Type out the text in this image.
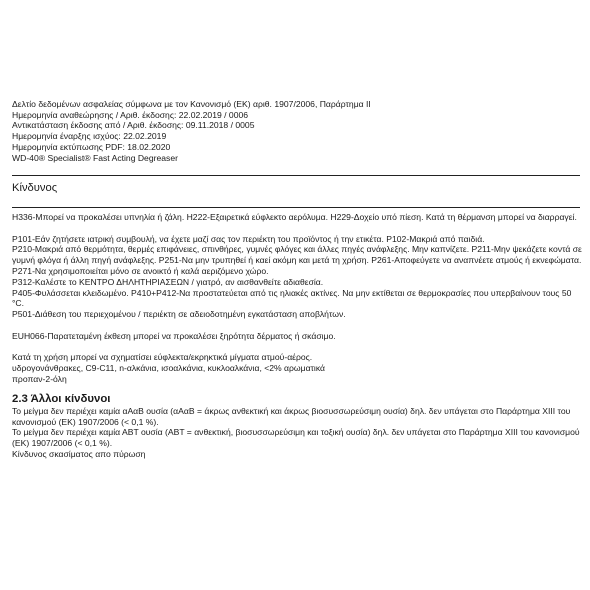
Δελτίο δεδομένων ασφαλείας σύμφωνα με τον Κανονισμό (ΕΚ) αριθ. 1907/2006, Παράρτημα ΙΙ
Ημερομηνία αναθεώρησης / Αριθ. έκδοσης: 22.02.2019 / 0006
Αντικατάσταση έκδοσης από / Αριθ. έκδοσης: 09.11.2018 / 0005
Ημερομηνία έναρξης ισχύος: 22.02.2019
Ημερομηνία εκτύπωσης PDF: 18.02.2020
WD-40® Specialist® Fast Acting Degreaser
Κίνδυνος
H336-Μπορεί να προκαλέσει υπνηλία ή ζάλη. H222-Εξαιρετικά εύφλεκτο αερόλυμα. H229-Δοχείο υπό πίεση. Κατά τη θέρμανση μπορεί να διαρραγεί.
P101-Εάν ζητήσετε ιατρική συμβουλή, να έχετε μαζί σας τον περιέκτη του προϊόντος ή την ετικέτα. P102-Μακριά από παιδιά.
P210-Μακριά από θερμότητα, θερμές επιφάνειες, σπινθήρες, γυμνές φλόγες και άλλες πηγές ανάφλεξης. Μην καπνίζετε. P211-Μην ψεκάζετε κοντά σε γυμνή φλόγα ή άλλη πηγή ανάφλεξης. P251-Να μην τρυπηθεί ή καεί ακόμη και μετά τη χρήση. P261-Αποφεύγετε να αναπνέετε ατμούς ή εκνεφώματα. P271-Να χρησιμοποιείται μόνο σε ανοικτό ή καλά αεριζόμενο χώρο.
P312-Καλέστε το ΚΕΝΤΡΟ ΔΗΛΗΤΗΡΙΑΣΕΩΝ / γιατρό, αν αισθανθείτε αδιαθεσία.
P405-Φυλάσσεται κλειδωμένο. P410+P412-Να προστατεύεται από τις ηλιακές ακτίνες. Να μην εκτίθεται σε θερμοκρασίες που υπερβαίνουν τους 50 °C.
P501-Διάθεση του περιεχομένου / περιέκτη σε αδειοδοτημένη εγκατάσταση αποβλήτων.
EUH066-Παρατεταμένη έκθεση μπορεί να προκαλέσει ξηρότητα δέρματος ή σκάσιμο.
Κατά τη χρήση μπορεί να σχηματίσει εύφλεκτα/εκρηκτικά μίγματα ατμού-αέρος.
υδρογονάνθρακες, C9-C11, n-αλκάνια, ισοαλκάνια, κυκλοαλκάνια, <2% αρωματικά
προπαν-2-όλη
2.3 Άλλοι κίνδυνοι
Το μείγμα δεν περιέχει καμία αΑαΒ ουσία (αΑαΒ = άκρως ανθεκτική και άκρως βιοσυσσωρεύσιμη ουσία) δηλ. δεν υπάγεται στο Παράρτημα XIII του κανονισμού (ΕΚ) 1907/2006 (< 0,1 %).
Το μείγμα δεν περιέχει καμία ΑΒΤ ουσία (ΑΒΤ = ανθεκτική, βιοσυσσωρεύσιμη και τοξική ουσία) δηλ. δεν υπάγεται στο Παράρτημα XIII του κανονισμού (ΕΚ) 1907/2006 (< 0,1 %).
Κίνδυνος σκασίματος απο πύρωση
